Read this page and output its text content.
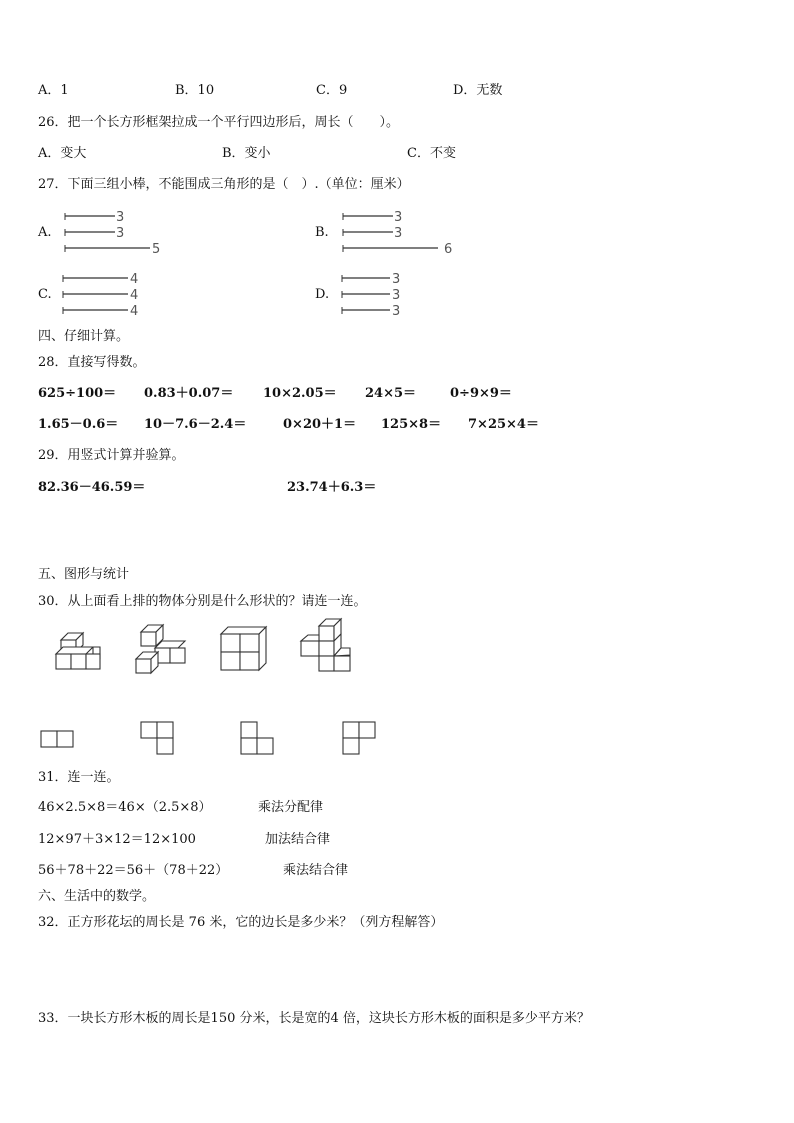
A．1	B．10	C．9	D．无数
26．把一个长方形框架拉成一个平行四边形后，周长（　　）。
A．变大	B．变小	C．不变
27．下面三组小棒，不能围成三角形的是（　）.（单位：厘米）
A.
3
3
5
B.
3
3
6
C.
4
4
4
D.
3
3
3
四、仔细计算。
28．直接写得数。
625÷100＝ 0.83＋0.07＝ 10×2.05＝ 24×5＝	0÷9×9＝
1.65－0.6＝ 10－7.6－2.4＝	0×20＋1＝ 125×8＝ 7×25×4＝
29．用竖式计算并验算。
82.36－46.59＝	23.74＋6.3＝
五、图形与统计
30．从上面看上排的物体分别是什么形状的？请连一连。
31．连一连。
46×2.5×8＝46×（2.5×8）	乘法分配律
12×97＋3×12＝12×100	加法结合律
56＋78＋22＝56＋（78＋22）	乘法结合律
六、生活中的数学。
32．正方形花坛的周长是 76 米，它的边长是多少米？（列方程解答）
33．一块长方形木板的周长是150 分米，长是宽的4 倍，这块长方形木板的面积是多少平方米？
